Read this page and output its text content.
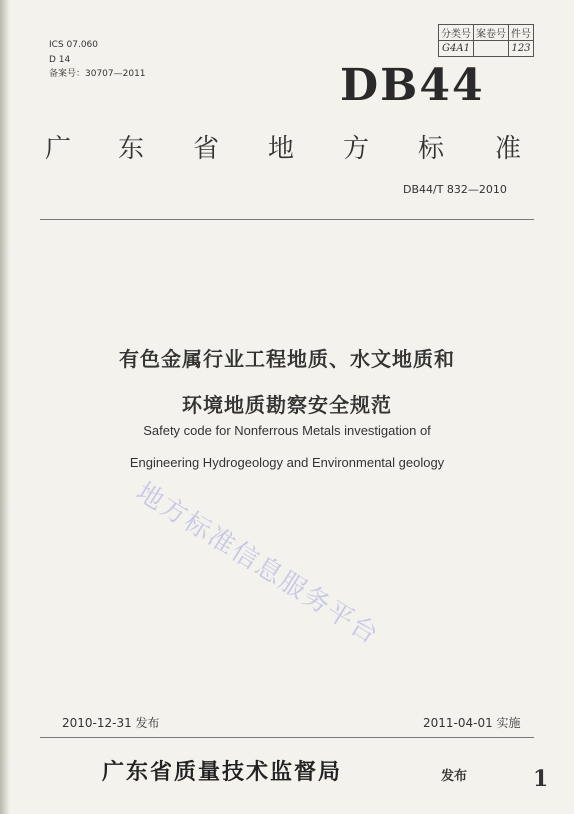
ICS 07.060
D 14
备案号：30707—2011
分类号	案卷号	件号
G4A1		123
DB44
广 东 省 地 方 标 准
DB44/T 832—2010
有色金属行业工程地质、水文地质和
环境地质勘察安全规范
Safety code for Nonferrous Metals investigation of
Engineering Hydrogeology and Environmental geology
地方标准信息服务平台
2010-12-31 发布	2011-04-01 实施
广东省质量技术监督局	发布	1
